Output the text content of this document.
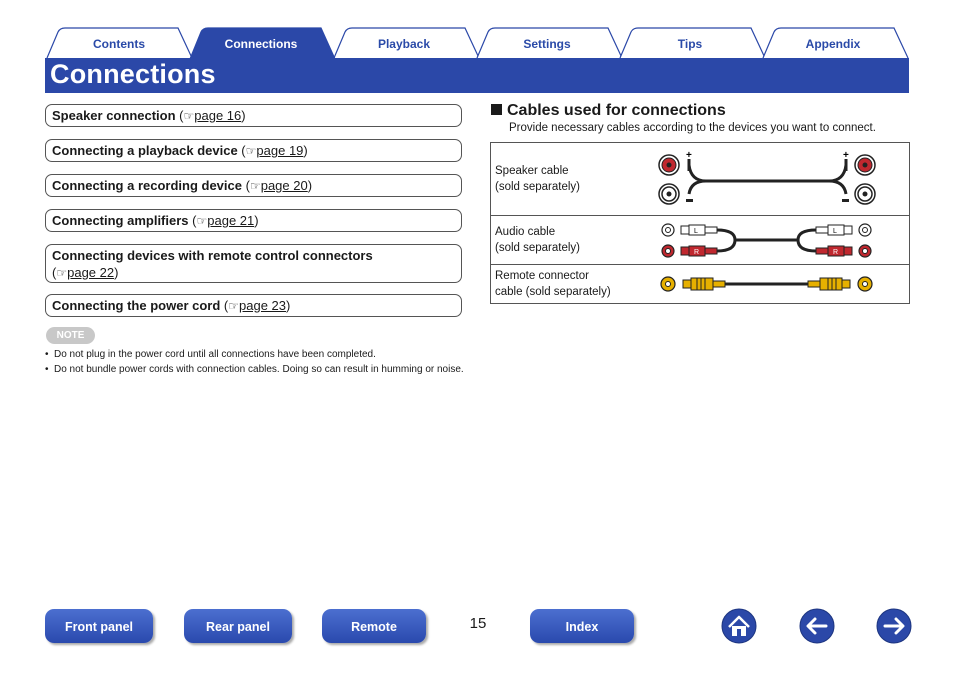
Contents	Connections	Playback	Settings	Tips	Appendix
Connections
Speaker connection (☞page 16)
Connecting a playback device (☞page 19)
Connecting a recording device (☞page 20)
Connecting amplifiers (☞page 21)
Connecting devices with remote control connectors
(☞page 22)
Connecting the power cord (☞page 23)
NOTE
• Do not plug in the power cord until all connections have been completed.
• Do not bundle power cords with connection cables. Doing so can result in humming or noise.
Cables used for connections
Provide necessary cables according to the devices you want to connect.
Speaker cable
(sold separately)
+	+
Audio cable
(sold separately)
L
R
L
R
Remote connector
cable (sold separately)
Front panel	Rear panel	Remote	15	Index
